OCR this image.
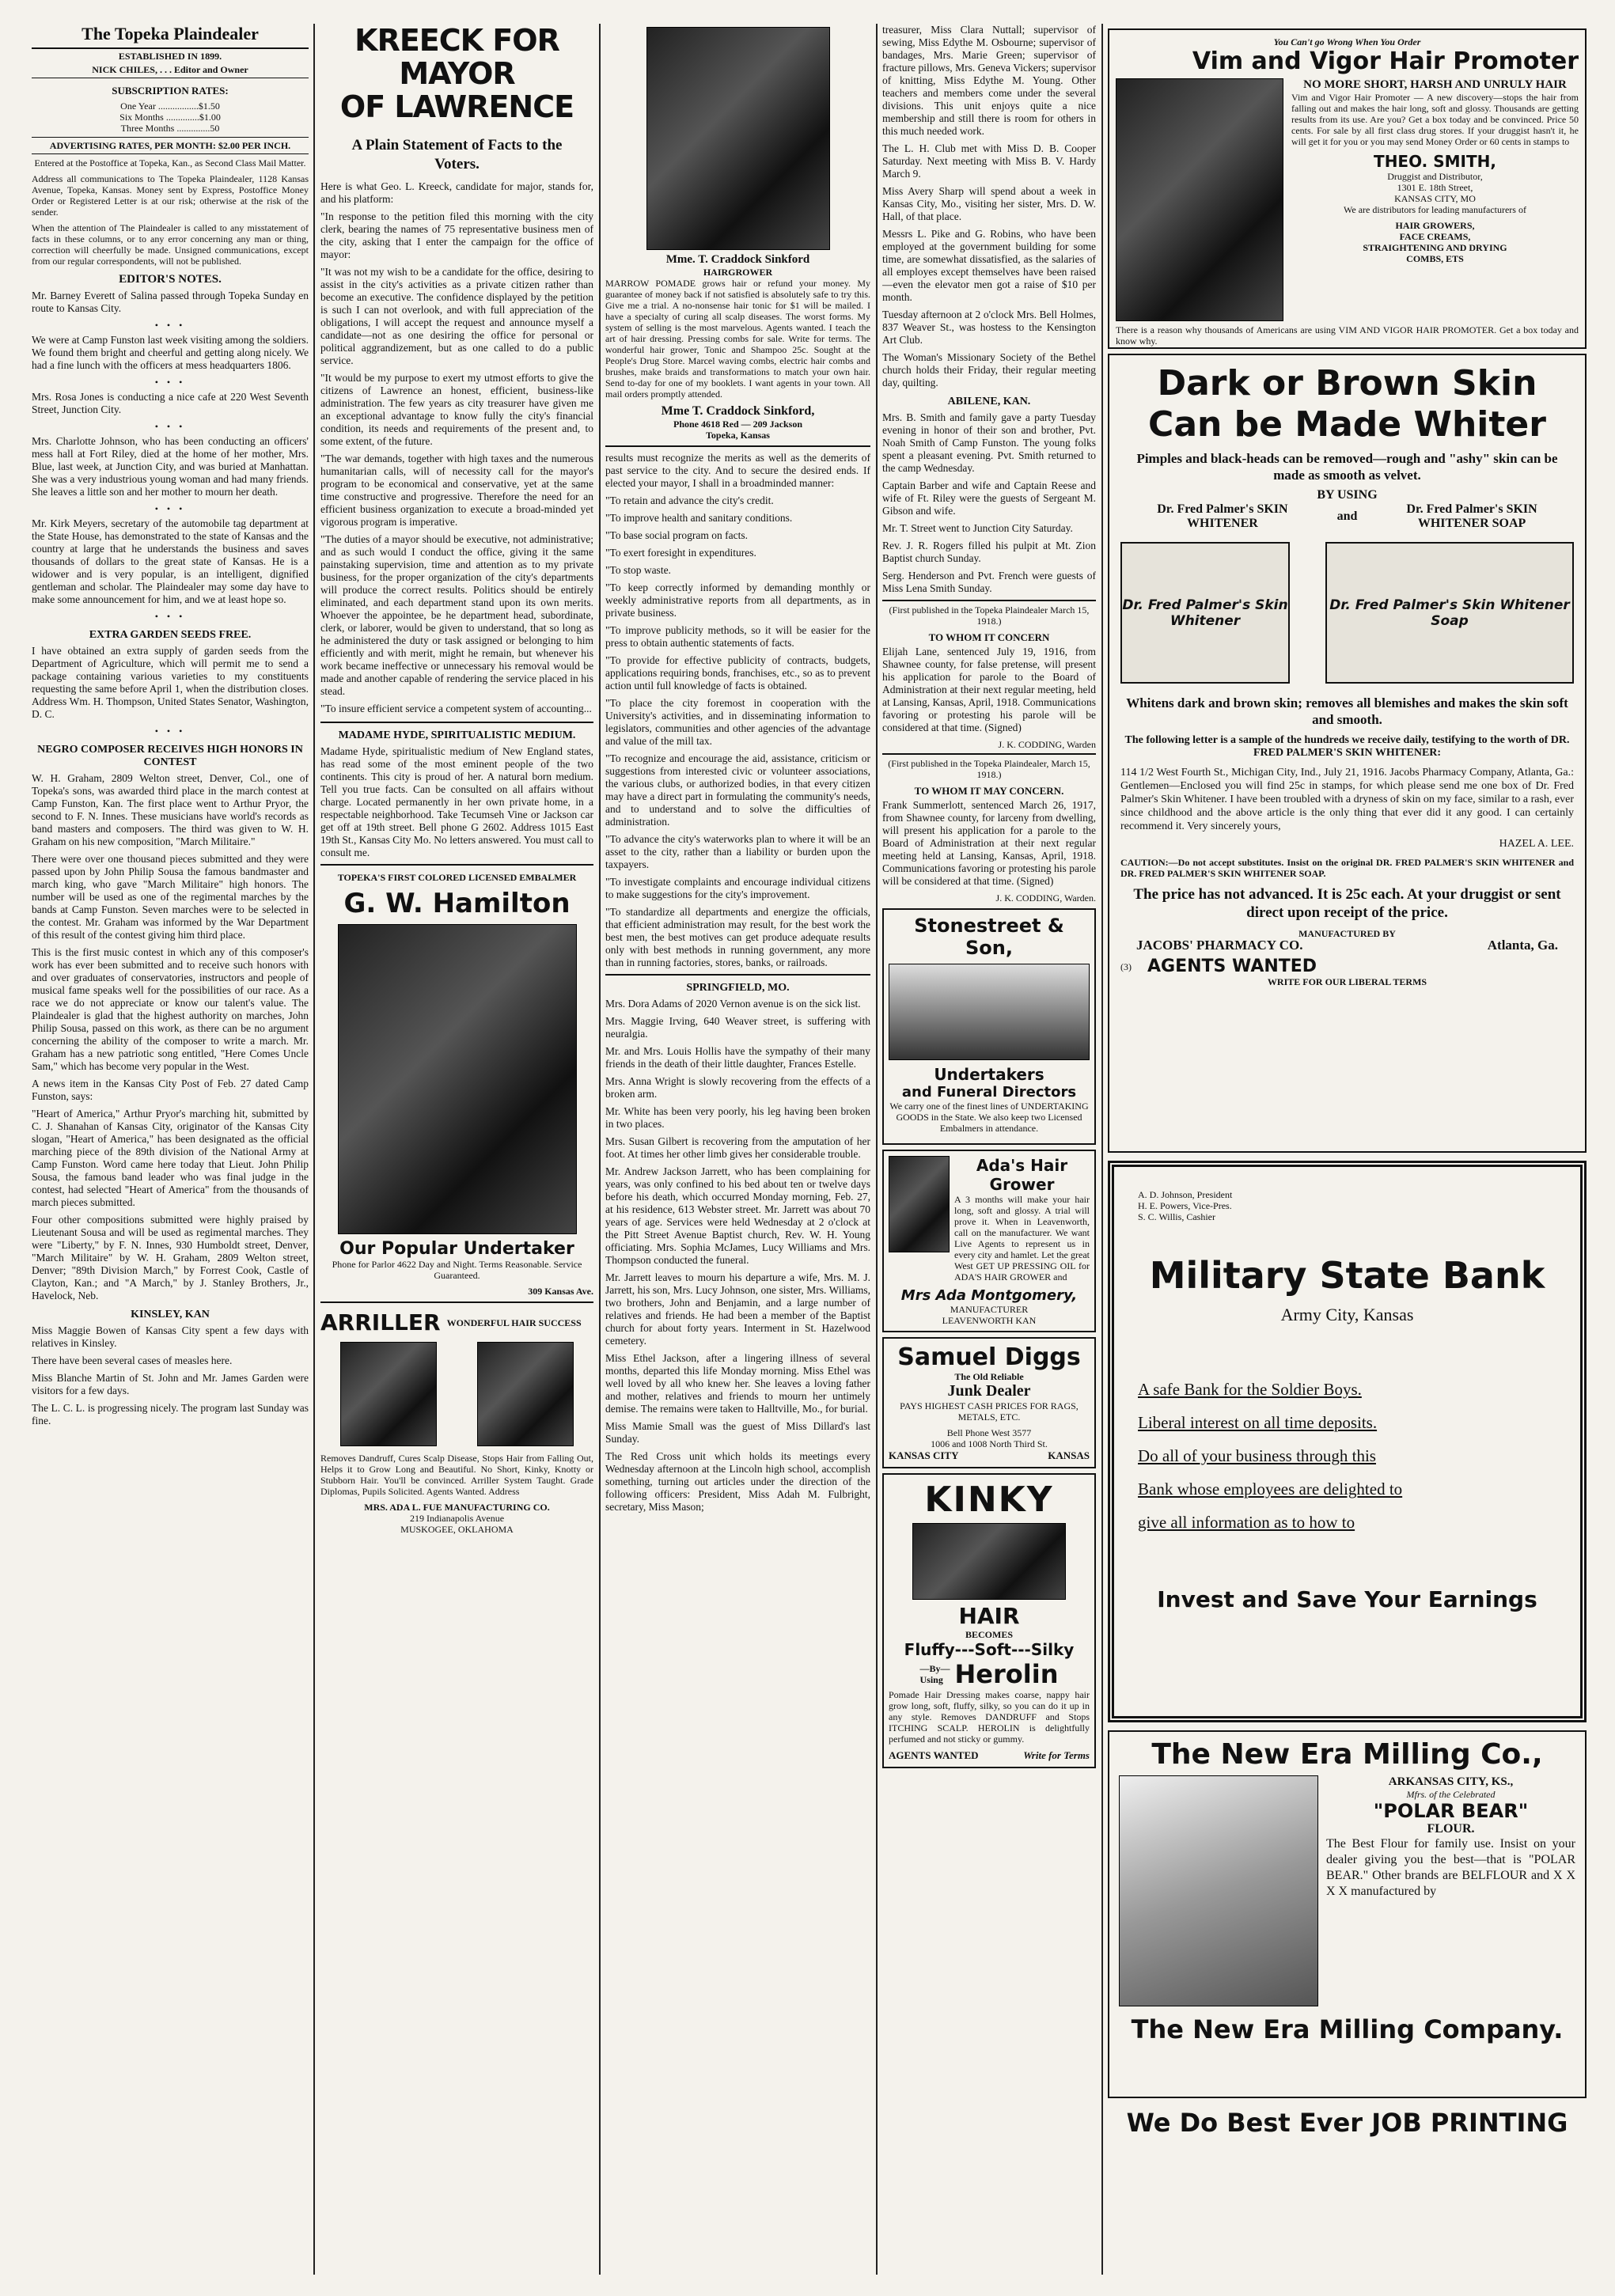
The Topeka Plaindealer
ESTABLISHED IN 1899.
NICK CHILES, . . . Editor and Owner
SUBSCRIPTION RATES:
One Year .................$1.50
Six Months ..............$1.00
Three Months ..............50
ADVERTISING RATES, PER MONTH: $2.00 PER INCH.

Entered at the Postoffice at Topeka, Kan., as Second Class Mail Matter.

Address all communications to The Topeka Plaindealer, 1128 Kansas Avenue, Topeka, Kansas. Money sent by Express, Postoffice Money Order or Registered Letter is at our risk; otherwise at the risk of the sender.

When the attention of The Plaindealer is called to any misstatement of facts in these columns, or to any error concerning any man or thing, correction will cheerfully be made. Unsigned communications, except from our regular correspondents, will not be published.

EDITOR'S NOTES.

Mr. Barney Everett of Salina passed through Topeka Sunday en route to Kansas City.

• • •

We were at Camp Funston last week visiting among the soldiers. We found them bright and cheerful and getting along nicely. We had a fine lunch with the officers at mess headquarters 1806.

• • •

Mrs. Rosa Jones is conducting a nice cafe at 220 West Seventh Street, Junction City.

• • •

Mrs. Charlotte Johnson, who has been conducting an officers' mess hall at Fort Riley, died at the home of her mother, Mrs. Blue, last week, at Junction City, and was buried at Manhattan. She was a very industrious young woman and had many friends. She leaves a little son and her mother to mourn her death.

• • •

Mr. Kirk Meyers, secretary of the automobile tag department at the State House, has demonstrated to the state of Kansas and the country at large that he understands the business and saves thousands of dollars to the great state of Kansas. He is a widower and is very popular, is an intelligent, dignified gentleman and scholar. The Plaindealer may some day have to make some announcement for him, and we at least hope so.

• • •
EXTRA GARDEN SEEDS FREE.

I have obtained an extra supply of garden seeds from the Department of Agriculture, which will permit me to send a package containing various varieties to my constituents requesting the same before April 1, when the distribution closes. Address Wm. H. Thompson, United States Senator, Washington, D. C.

• • •
NEGRO COMPOSER RECEIVES HIGH HONORS IN CONTEST

W. H. Graham, 2809 Welton street, Denver, Col., one of Topeka's sons, was awarded third place in the march contest at Camp Funston, Kan. The first place went to Arthur Pryor, the second to F. N. Innes. These musicians have world's records as band masters and composers. The third was given to W. H. Graham on his new composition, "March Militaire."

There were over one thousand pieces submitted and they were passed upon by John Philip Sousa the famous bandmaster and march king, who gave "March Militaire" high honors. The number will be used as one of the regimental marches by the bands at Camp Funston. Seven marches were to be selected in the contest. Mr. Graham was informed by the War Department of this result of the contest giving him third place.

This is the first music contest in which any of this composer's work has ever been submitted and to receive such honors with and over graduates of conservatories, instructors and people of musical fame speaks well for the possibilities of our race. As a race we do not appreciate or know our talent's value. The Plaindealer is glad that the highest authority on marches, John Philip Sousa, passed on this work, as there can be no argument concerning the ability of the composer to write a march. Mr. Graham has a new patriotic song entitled, "Here Comes Uncle Sam," which has become very popular in the West.

A news item in the Kansas City Post of Feb. 27 dated Camp Funston, says:

"Heart of America," Arthur Pryor's marching hit, submitted by C. J. Shanahan of Kansas City, originator of the Kansas City slogan, "Heart of America," has been designated as the official marching piece of the 89th division of the National Army at Camp Funston. Word came here today that Lieut. John Philip Sousa, the famous band leader who was final judge in the contest, had selected "Heart of America" from the thousands of march pieces submitted.

Four other compositions submitted were highly praised by Lieutenant Sousa and will be used as regimental marches. They were "Liberty," by F. N. Innes, 930 Humboldt street, Denver, "March Militaire" by W. H. Graham, 2809 Welton street, Denver; "89th Division March," by Forrest Cook, Castle of Clayton, Kan.; and "A March," by J. Stanley Brothers, Jr., Havelock, Neb.

KINSLEY, KAN

Miss Maggie Bowen of Kansas City spent a few days with relatives in Kinsley.

There have been several cases of measles here.

Miss Blanche Martin of St. John and Mr. James Garden were visitors for a few days.

The L. C. L. is progressing nicely. The program last Sunday was fine.

KREECK FOR MAYOR
OF LAWRENCE
A Plain Statement of Facts to the Voters.

Here is what Geo. L. Kreeck, candidate for major, stands for, and his platform:

"In response to the petition filed this morning with the city clerk, bearing the names of 75 representative business men of the city, asking that I enter the campaign for the office of mayor:

"It was not my wish to be a candidate for the office, desiring to assist in the city's activities as a private citizen rather than become an executive. The confidence displayed by the petition is such I can not overlook, and with full appreciation of the obligations, I will accept the request and announce myself a candidate—not as one desiring the office for personal or political aggrandizement, but as one called to do a public service.

"It would be my purpose to exert my utmost efforts to give the citizens of Lawrence an honest, efficient, business-like administration. The few years as city treasurer have given me an exceptional advantage to know fully the city's financial condition, its needs and requirements of the present and, to some extent, of the future.

"The war demands, together with high taxes and the numerous humanitarian calls, will of necessity call for the mayor's program to be economical and conservative, yet at the same time constructive and progressive. Therefore the need for an efficient business organization to execute a broad-minded yet vigorous program is imperative.

"The duties of a mayor should be executive, not administrative; and as such would I conduct the office, giving it the same painstaking supervision, time and attention as to my private business, for the proper organization of the city's departments will produce the correct results. Politics should be entirely eliminated, and each department stand upon its own merits. Whoever the appointee, be he department head, subordinate, clerk, or laborer, would be given to understand, that so long as he administered the duty or task assigned or belonging to him efficiently and with merit, might he remain, but whenever his work became ineffective or unnecessary his removal would be made and another capable of rendering the service placed in his stead.

"To insure efficient service a competent system of accounting...

MADAME HYDE, SPIRITUALISTIC MEDIUM.

Madame Hyde, spiritualistic medium of New England states, has read some of the most eminent people of the two continents. This city is proud of her. A natural born medium. Tell you true facts. Can be consulted on all affairs without charge. Located permanently in her own private home, in a respectable neighborhood. Take Tecumseh Vine or Jackson car get off at 19th street. Bell phone G 2602. Address 1015 East 19th St., Kansas City Mo. No letters answered. You must call to consult me.

TOPEKA'S FIRST COLORED LICENSED EMBALMER
G. W. Hamilton
Our Popular Undertaker

Phone for Parlor 4622 Day and Night. Terms Reasonable. Service Guaranteed.

309 Kansas Ave.
ARRILLER WONDERFUL HAIR SUCCESS

Removes Dandruff, Cures Scalp Disease, Stops Hair from Falling Out, Helps it to Grow Long and Beautiful. No Short, Kinky, Knotty or Stubborn Hair. You'll be convinced. Arriller System Taught. Grade Diplomas, Pupils Solicited. Agents Wanted. Address

MRS. ADA L. FUE MANUFACTURING CO.
219 Indianapolis Avenue
MUSKOGEE, OKLAHOMA
Mme. T. Craddock Sinkford
HAIRGROWER

MARROW POMADE grows hair or refund your money. My guarantee of money back if not satisfied is absolutely safe to try this. Give me a trial. A no-nonsense hair tonic for $1 will be mailed. I have a specialty of curing all scalp diseases. The worst forms. My system of selling is the most marvelous. Agents wanted. I teach the art of hair dressing. Pressing combs for sale. Write for terms. The wonderful hair grower, Tonic and Shampoo 25c. Sought at the People's Drug Store. Marcel waving combs, electric hair combs and brushes, make braids and transformations to match your own hair. Send to-day for one of my booklets. I want agents in your town. All mail orders promptly attended.

Mme T. Craddock Sinkford,
Phone 4618 Red — 209 Jackson
Topeka, Kansas

results must recognize the merits as well as the demerits of past service to the city. And to secure the desired ends. If elected your mayor, I shall in a broadminded manner:

"To retain and advance the city's credit.

"To improve health and sanitary conditions.

"To base social program on facts.

"To exert foresight in expenditures.

"To stop waste.

"To keep correctly informed by demanding monthly or weekly administrative reports from all departments, as in private business.

"To improve publicity methods, so it will be easier for the press to obtain authentic statements of facts.

"To provide for effective publicity of contracts, budgets, applications requiring bonds, franchises, etc., so as to prevent action until full knowledge of facts is obtained.

"To place the city foremost in cooperation with the University's activities, and in disseminating information to legislators, communities and other agencies of the advantage and value of the mill tax.

"To recognize and encourage the aid, assistance, criticism or suggestions from interested civic or volunteer associations, the various clubs, or authorized bodies, in that every citizen may have a direct part in formulating the community's needs, and to understand and to solve the difficulties of administration.

"To advance the city's waterworks plan to where it will be an asset to the city, rather than a liability or burden upon the taxpayers.

"To investigate complaints and encourage individual citizens to make suggestions for the city's improvement.

"To standardize all departments and energize the officials, that efficient administration may result, for the best work the best men, the best motives can get produce adequate results only with best methods in running government, any more than in running factories, stores, banks, or railroads.

SPRINGFIELD, MO.

Mrs. Dora Adams of 2020 Vernon avenue is on the sick list.

Mrs. Maggie Irving, 640 Weaver street, is suffering with neuralgia.

Mr. and Mrs. Louis Hollis have the sympathy of their many friends in the death of their little daughter, Frances Estelle.

Mrs. Anna Wright is slowly recovering from the effects of a broken arm.

Mr. White has been very poorly, his leg having been broken in two places.

Mrs. Susan Gilbert is recovering from the amputation of her foot. At times her other limb gives her considerable trouble.

Mr. Andrew Jackson Jarrett, who has been complaining for years, was only confined to his bed about ten or twelve days before his death, which occurred Monday morning, Feb. 27, at his residence, 613 Webster street. Mr. Jarrett was about 70 years of age. Services were held Wednesday at 2 o'clock at the Pitt Street Avenue Baptist church, Rev. W. H. Young officiating. Mrs. Sophia McJames, Lucy Williams and Mrs. Thompson conducted the funeral.

Mr. Jarrett leaves to mourn his departure a wife, Mrs. M. J. Jarrett, his son, Mrs. Lucy Johnson, one sister, Mrs. Williams, two brothers, John and Benjamin, and a large number of relatives and friends. He had been a member of the Baptist church for about forty years. Interment in St. Hazelwood cemetery.

Miss Ethel Jackson, after a lingering illness of several months, departed this life Monday morning. Miss Ethel was well loved by all who knew her. She leaves a loving father and mother, relatives and friends to mourn her untimely demise. The remains were taken to Halltville, Mo., for burial.

Miss Mamie Small was the guest of Miss Dillard's last Sunday.

The Red Cross unit which holds its meetings every Wednesday afternoon at the Lincoln high school, accomplish something, turning out articles under the direction of the following officers: President, Miss Adah M. Fulbright, secretary, Miss Mason;

treasurer, Miss Clara Nuttall; supervisor of sewing, Miss Edythe M. Osbourne; supervisor of bandages, Mrs. Marie Green; supervisor of fracture pillows, Mrs. Geneva Vickers; supervisor of knitting, Miss Edythe M. Young. Other teachers and members come under the several divisions. This unit enjoys quite a nice membership and still there is room for others in this much needed work.

The L. H. Club met with Miss D. B. Cooper Saturday. Next meeting with Miss B. V. Hardy March 9.

Miss Avery Sharp will spend about a week in Kansas City, Mo., visiting her sister, Mrs. D. W. Hall, of that place.

Messrs L. Pike and G. Robins, who have been employed at the government building for some time, are somewhat dissatisfied, as the salaries of all employes except themselves have been raised—even the elevator men got a raise of $10 per month.

Tuesday afternoon at 2 o'clock Mrs. Bell Holmes, 837 Weaver St., was hostess to the Kensington Art Club.

The Woman's Missionary Society of the Bethel church holds their Friday, their regular meeting day, quilting.

ABILENE, KAN.

Mrs. B. Smith and family gave a party Tuesday evening in honor of their son and brother, Pvt. Noah Smith of Camp Funston. The young folks spent a pleasant evening. Pvt. Smith returned to the camp Wednesday.

Captain Barber and wife and Captain Reese and wife of Ft. Riley were the guests of Sergeant M. Gibson and wife.

Mr. T. Street went to Junction City Saturday.

Rev. J. R. Rogers filled his pulpit at Mt. Zion Baptist church Sunday.

Serg. Henderson and Pvt. French were guests of Miss Lena Smith Sunday.

(First published in the Topeka Plaindealer March 15, 1918.)

TO WHOM IT CONCERN

Elijah Lane, sentenced July 19, 1916, from Shawnee county, for false pretense, will present his application for parole to the Board of Administration at their next regular meeting, held at Lansing, Kansas, April, 1918. Communications favoring or protesting his parole will be considered at that time. (Signed)

J. K. CODDING, Warden

(First published in the Topeka Plaindealer, March 15, 1918.)

TO WHOM IT MAY CONCERN.

Frank Summerlott, sentenced March 26, 1917, from Shawnee county, for larceny from dwelling, will present his application for a parole to the Board of Administration at their next regular meeting held at Lansing, Kansas, April, 1918. Communications favoring or protesting his parole will be considered at that time. (Signed)

J. K. CODDING, Warden.
Stonestreet & Son,
Undertakers
and Funeral Directors

We carry one of the finest lines of UNDERTAKING GOODS in the State. We also keep two Licensed Embalmers in attendance.

Ada's Hair
Grower

A 3 months will make your hair long, soft and glossy. A trial will prove it. When in Leavenworth, call on the manufacturer. We want Live Agents to represent us in every city and hamlet. Let the great West GET UP PRESSING OIL for ADA'S HAIR GROWER and

Mrs Ada Montgomery,
MANUFACTURER
LEAVENWORTH KAN
Samuel Diggs
The Old Reliable
Junk Dealer

PAYS HIGHEST CASH PRICES FOR RAGS, METALS, ETC.

Bell Phone West 3577
1006 and 1008 North Third St.
KANSAS CITY	KANSAS
KINKY
HAIR
BECOMES
Fluffy---Soft---Silky
—By—
Using Herolin

Pomade Hair Dressing makes coarse, nappy hair grow long, soft, fluffy, silky, so you can do it up in any style. Removes DANDRUFF and Stops ITCHING SCALP. HEROLIN is delightfully perfumed and not sticky or gummy.

AGENTS WANTED	Write for Terms
You Can't go Wrong When You Order
Vim and Vigor Hair Promoter
NO MORE SHORT, HARSH AND UNRULY HAIR

Vim and Vigor Hair Promoter — A new discovery—stops the hair from falling out and makes the hair long, soft and glossy. Thousands are getting results from its use. Are you? Get a box today and be convinced. Price 50 cents. For sale by all first class drug stores. If your druggist hasn't it, he will get it for you or you may send Money Order or 60 cents in stamps to

THEO. SMITH,
Druggist and Distributor,
1301 E. 18th Street,
KANSAS CITY, MO

We are distributors for leading manufacturers of

HAIR GROWERS,
FACE CREAMS,
STRAIGHTENING AND DRYING
COMBS, ETS

There is a reason why thousands of Americans are using VIM AND VIGOR HAIR PROMOTER. Get a box today and know why.

Dark or Brown Skin
Can be Made Whiter
Pimples and black-heads can be removed—rough and "ashy" skin can be made as smooth as velvet.
BY USING
Dr. Fred Palmer's SKIN WHITENER
and
Dr. Fred Palmer's SKIN WHITENER SOAP
Dr. Fred Palmer's Skin Whitener
Dr. Fred Palmer's Skin Whitener Soap
Whitens dark and brown skin; removes all blemishes and makes the skin soft and smooth.
The following letter is a sample of the hundreds we receive daily, testifying to the worth of DR. FRED PALMER'S SKIN WHITENER:

114 1/2 West Fourth St., Michigan City, Ind., July 21, 1916. Jacobs Pharmacy Company, Atlanta, Ga.: Gentlemen—Enclosed you will find 25c in stamps, for which please send me one box of Dr. Fred Palmer's Skin Whitener. I have been troubled with a dryness of skin on my face, similar to a rash, ever since childhood and the above article is the only thing that ever did it any good. I can certainly recommend it. Very sincerely yours,

HAZEL A. LEE.

CAUTION:—Do not accept substitutes. Insist on the original DR. FRED PALMER'S SKIN WHITENER and DR. FRED PALMER'S SKIN WHITENER SOAP.

The price has not advanced. It is 25c each. At your druggist or sent direct upon receipt of the price.
MANUFACTURED BY
JACOBS' PHARMACY CO.	Atlanta, Ga.
(3) AGENTS WANTED
WRITE FOR OUR LIBERAL TERMS
A. D. Johnson, President
H. E. Powers, Vice-Pres.
S. C. Willis, Cashier
Military State Bank
Army City, Kansas
A safe Bank for the Soldier Boys.
Liberal interest on all time deposits.
Do all of your business through this
Bank whose employees are delighted to
give all information as to how to
Invest and Save Your Earnings
The New Era Milling Co.,
ARKANSAS CITY, KS.,
Mfrs. of the Celebrated
"POLAR BEAR"
FLOUR.

The Best Flour for family use. Insist on your dealer giving you the best—that is "POLAR BEAR." Other brands are BELFLOUR and X X X X manufactured by

The New Era Milling Company.
We Do Best Ever JOB PRINTING
